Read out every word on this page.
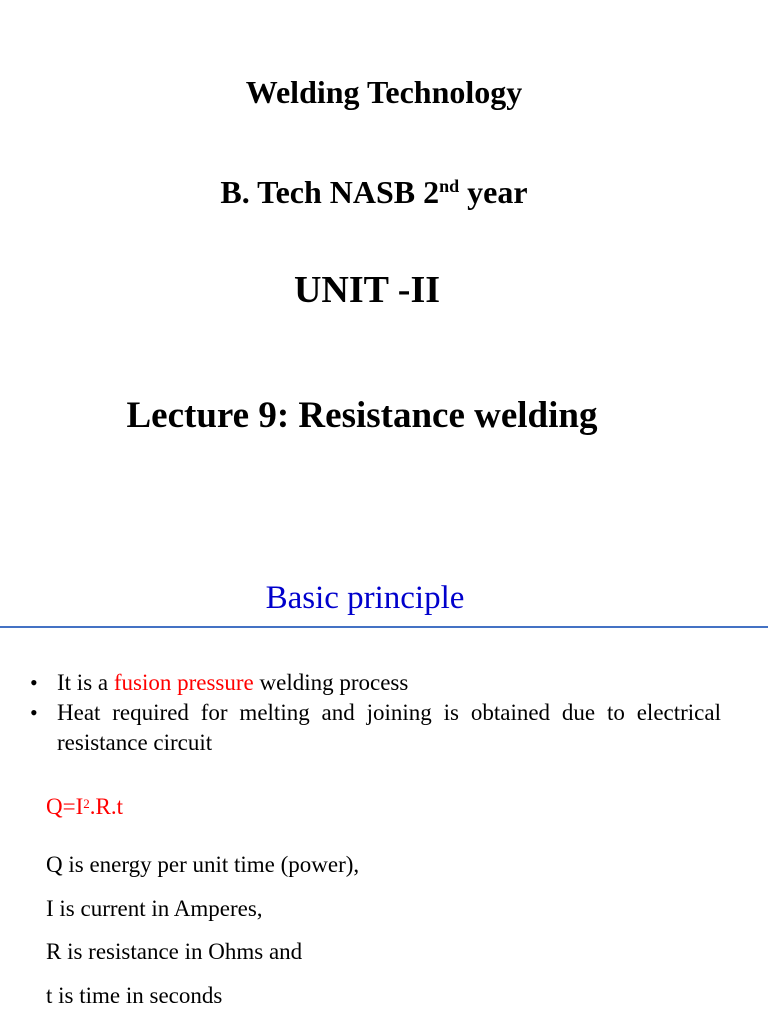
Welding Technology
B. Tech NASB 2nd year
UNIT -II
Lecture 9: Resistance welding
Basic principle
• It is a fusion pressure welding process
• Heat required for melting and joining is obtained due to electrical resistance circuit
$Q=I^2.R.t$
Q is energy per unit time (power),
I is current in Amperes,
R is resistance in Ohms and
t is time in seconds
